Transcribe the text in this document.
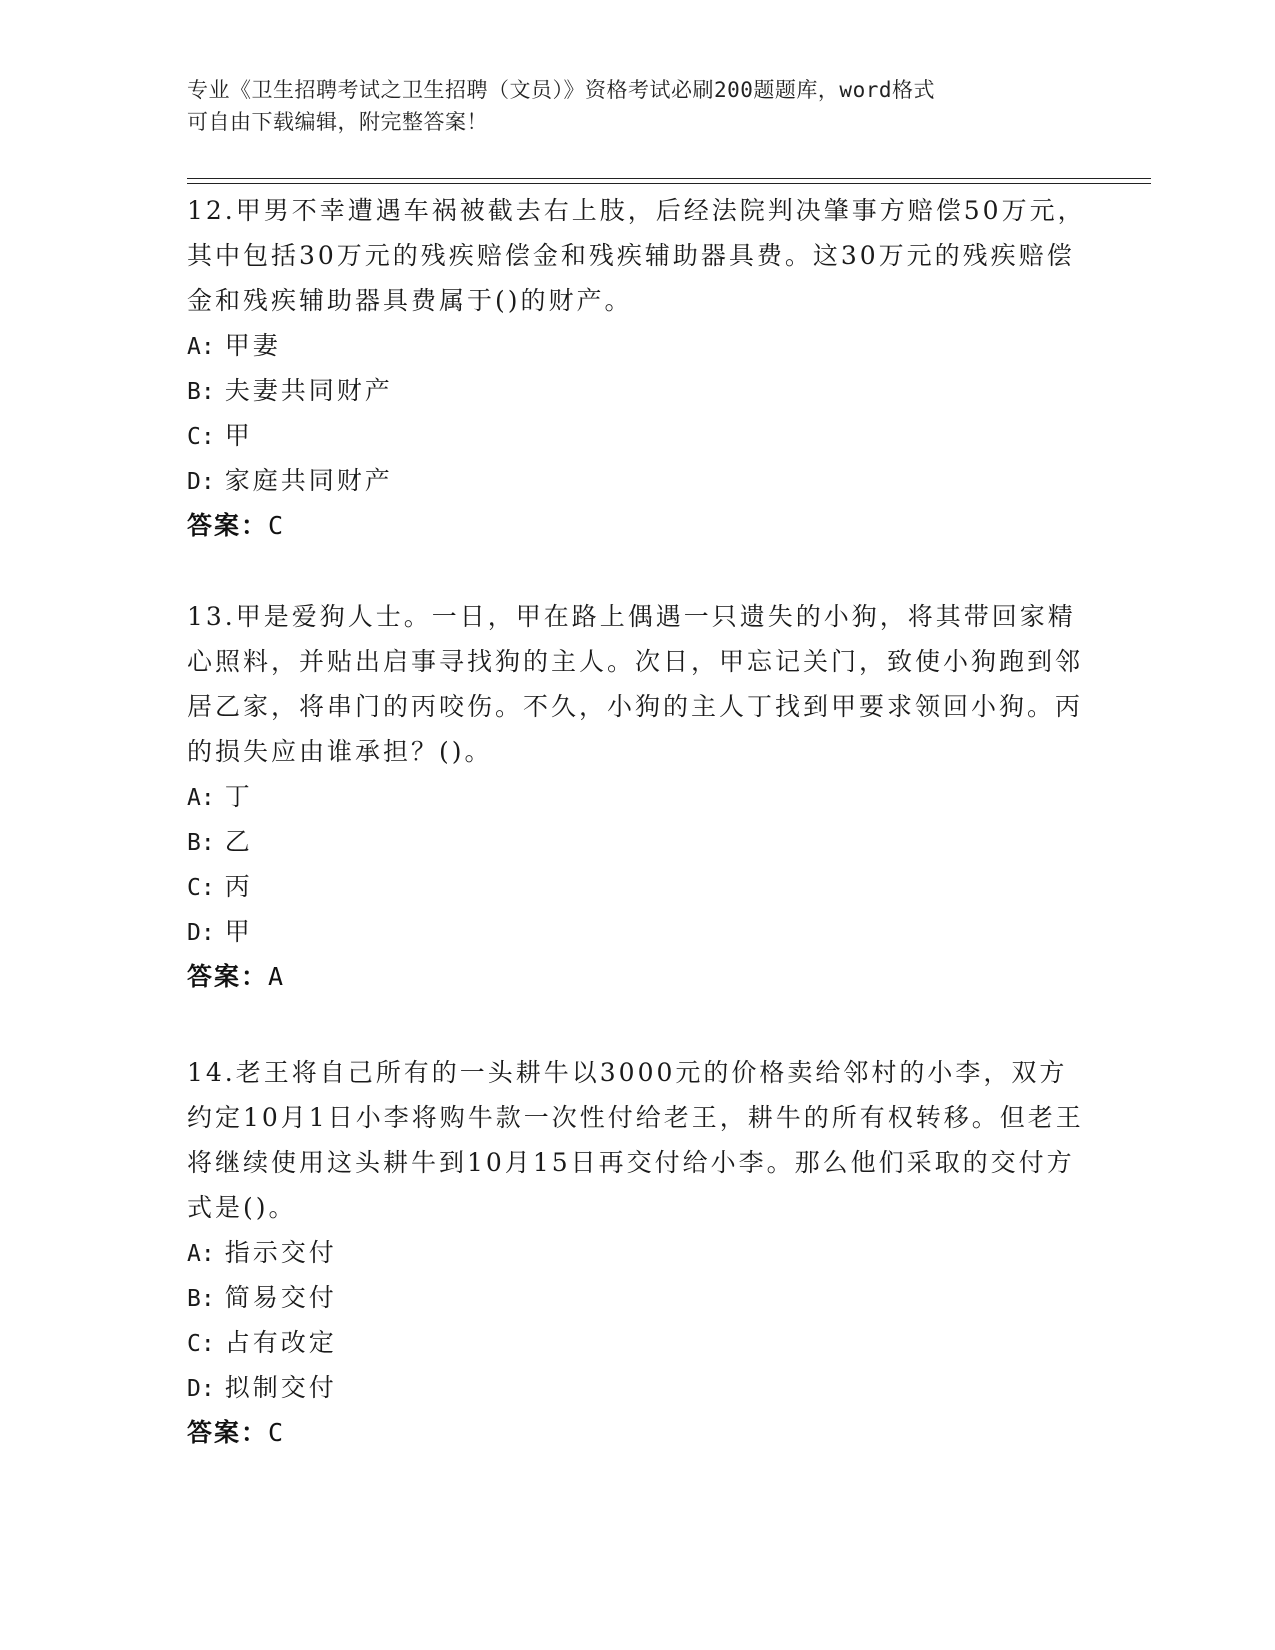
专业《卫生招聘考试之卫生招聘（文员）》资格考试必刷200题题库，word格式
可自由下载编辑，附完整答案！

12.甲男不幸遭遇车祸被截去右上肢，后经法院判决肇事方赔偿50万元，其中包括30万元的残疾赔偿金和残疾辅助器具费。这30万元的残疾赔偿金和残疾辅助器具费属于()的财产。

A: 甲妻
B: 夫妻共同财产
C: 甲
D: 家庭共同财产
答案：C

13.甲是爱狗人士。一日，甲在路上偶遇一只遗失的小狗，将其带回家精心照料，并贴出启事寻找狗的主人。次日，甲忘记关门，致使小狗跑到邻居乙家，将串门的丙咬伤。不久，小狗的主人丁找到甲要求领回小狗。丙的损失应由谁承担？()。

A: 丁
B: 乙
C: 丙
D: 甲
答案：A

14.老王将自己所有的一头耕牛以3000元的价格卖给邻村的小李，双方约定10月1日小李将购牛款一次性付给老王，耕牛的所有权转移。但老王将继续使用这头耕牛到10月15日再交付给小李。那么他们采取的交付方式是()。

A: 指示交付
B: 简易交付
C: 占有改定
D: 拟制交付
答案：C
